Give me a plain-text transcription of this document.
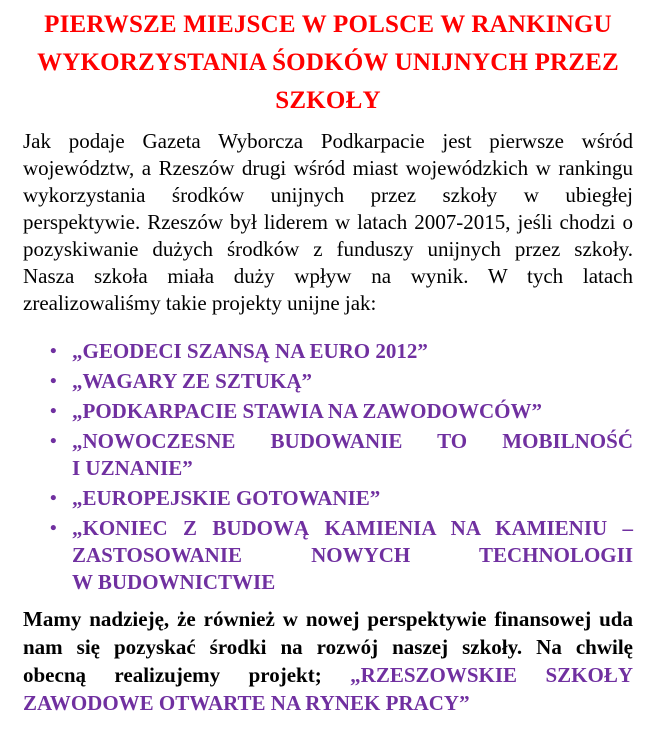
PIERWSZE MIEJSCE W POLSCE W RANKINGU
WYKORZYSTANIA ŚODKÓW UNIJNYCH PRZEZ
SZKOŁY
Jak podaje Gazeta Wyborcza Podkarpacie jest pierwsze wśród
województw, a Rzeszów drugi wśród miast wojewódzkich w rankingu
wykorzystania środków unijnych przez szkoły w ubiegłej
perspektywie. Rzeszów był liderem w latach 2007-2015, jeśli chodzi o
pozyskiwanie dużych środków z funduszy unijnych przez szkoły.
Nasza szkoła miała duży wpływ na wynik. W tych latach
zrealizowaliśmy takie projekty unijne jak:
• „GEODECI SZANSĄ NA EURO 2012”
• „WAGARY ZE SZTUKĄ”
• „PODKARPACIE STAWIA NA ZAWODOWCÓW”
• „NOWOCZESNE BUDOWANIE TO MOBILNOŚĆ
I UZNANIE”
• „EUROPEJSKIE GOTOWANIE”
• „KONIEC Z BUDOWĄ KAMIENIA NA KAMIENIU –
ZASTOSOWANIE NOWYCH TECHNOLOGII
W BUDOWNICTWIE
Mamy nadzieję, że również w nowej perspektywie finansowej uda
nam się pozyskać środki na rozwój naszej szkoły. Na chwilę
obecną realizujemy projekt; „RZESZOWSKIE SZKOŁY
ZAWODOWE OTWARTE NA RYNEK PRACY”
